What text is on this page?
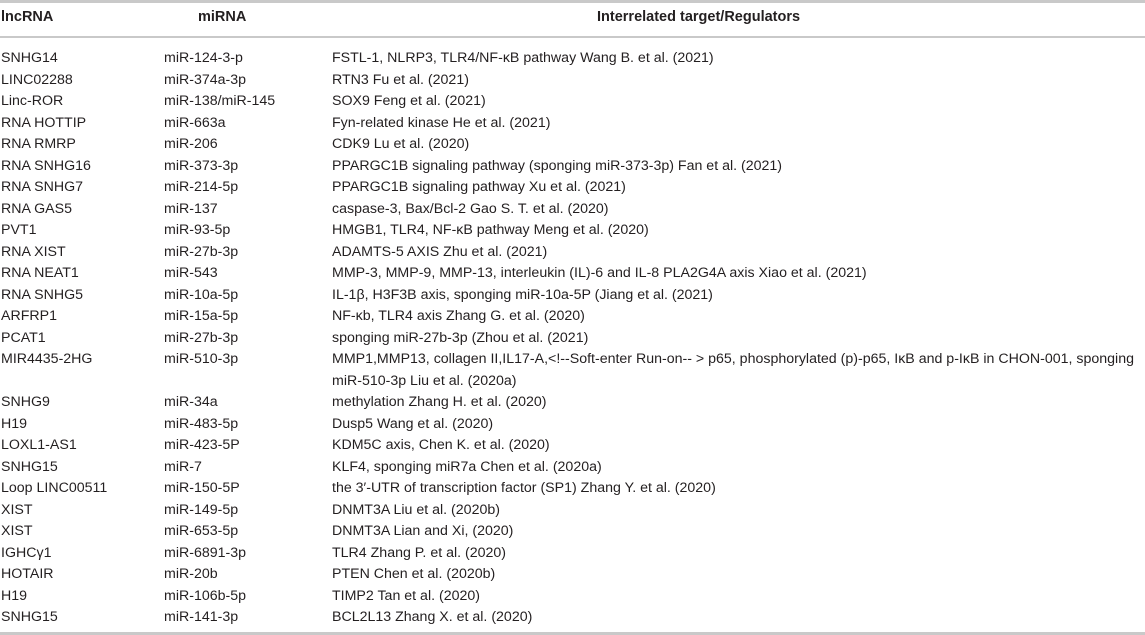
lncRNA	miRNA	Interrelated target/Regulators
SNHG14	miR-124-3-p	FSTL-1, NLRP3, TLR4/NF-κB pathway Wang B. et al. (2021)
LINC02288	miR-374a-3p	RTN3 Fu et al. (2021)
Linc-ROR	miR-138/miR-145	SOX9 Feng et al. (2021)
RNA HOTTIP	miR-663a	Fyn-related kinase He et al. (2021)
RNA RMRP	miR-206	CDK9 Lu et al. (2020)
RNA SNHG16	miR-373-3p	PPARGC1B signaling pathway (sponging miR-373-3p) Fan et al. (2021)
RNA SNHG7	miR-214-5p	PPARGC1B signaling pathway Xu et al. (2021)
RNA GAS5	miR-137	caspase-3, Bax/Bcl-2 Gao S. T. et al. (2020)
PVT1	miR-93-5p	HMGB1, TLR4, NF-κB pathway Meng et al. (2020)
RNA XIST	miR-27b-3p	ADAMTS-5 AXIS Zhu et al. (2021)
RNA NEAT1	miR-543	MMP-3, MMP-9, MMP-13, interleukin (IL)-6 and IL-8 PLA2G4A axis Xiao et al. (2021)
RNA SNHG5	miR-10a-5p	IL-1β, H3F3B axis, sponging miR-10a-5P (Jiang et al. (2021)
ARFRP1	miR-15a-5p	NF-κb, TLR4 axis Zhang G. et al. (2020)
PCAT1	miR-27b-3p	sponging miR-27b-3p (Zhou et al. (2021)
MIR4435-2HG	miR-510-3p	MMP1,MMP13, collagen II,IL17-A,<!--Soft-enter Run-on-- > p65, phosphorylated (p)-p65, IκB and p-IκB in CHON-001, sponging miR-510-3p Liu et al. (2020a)
SNHG9	miR-34a	methylation Zhang H. et al. (2020)
H19	miR-483-5p	Dusp5 Wang et al. (2020)
LOXL1-AS1	miR-423-5P	KDM5C axis, Chen K. et al. (2020)
SNHG15	miR-7	KLF4, sponging miR7a Chen et al. (2020a)
Loop LINC00511	miR-150-5P	the 3′-UTR of transcription factor (SP1) Zhang Y. et al. (2020)
XIST	miR-149-5p	DNMT3A Liu et al. (2020b)
XIST	miR-653-5p	DNMT3A Lian and Xi, (2020)
IGHCγ1	miR-6891-3p	TLR4 Zhang P. et al. (2020)
HOTAIR	miR-20b	PTEN Chen et al. (2020b)
H19	miR-106b-5p	TIMP2 Tan et al. (2020)
SNHG15	miR-141-3p	BCL2L13 Zhang X. et al. (2020)
